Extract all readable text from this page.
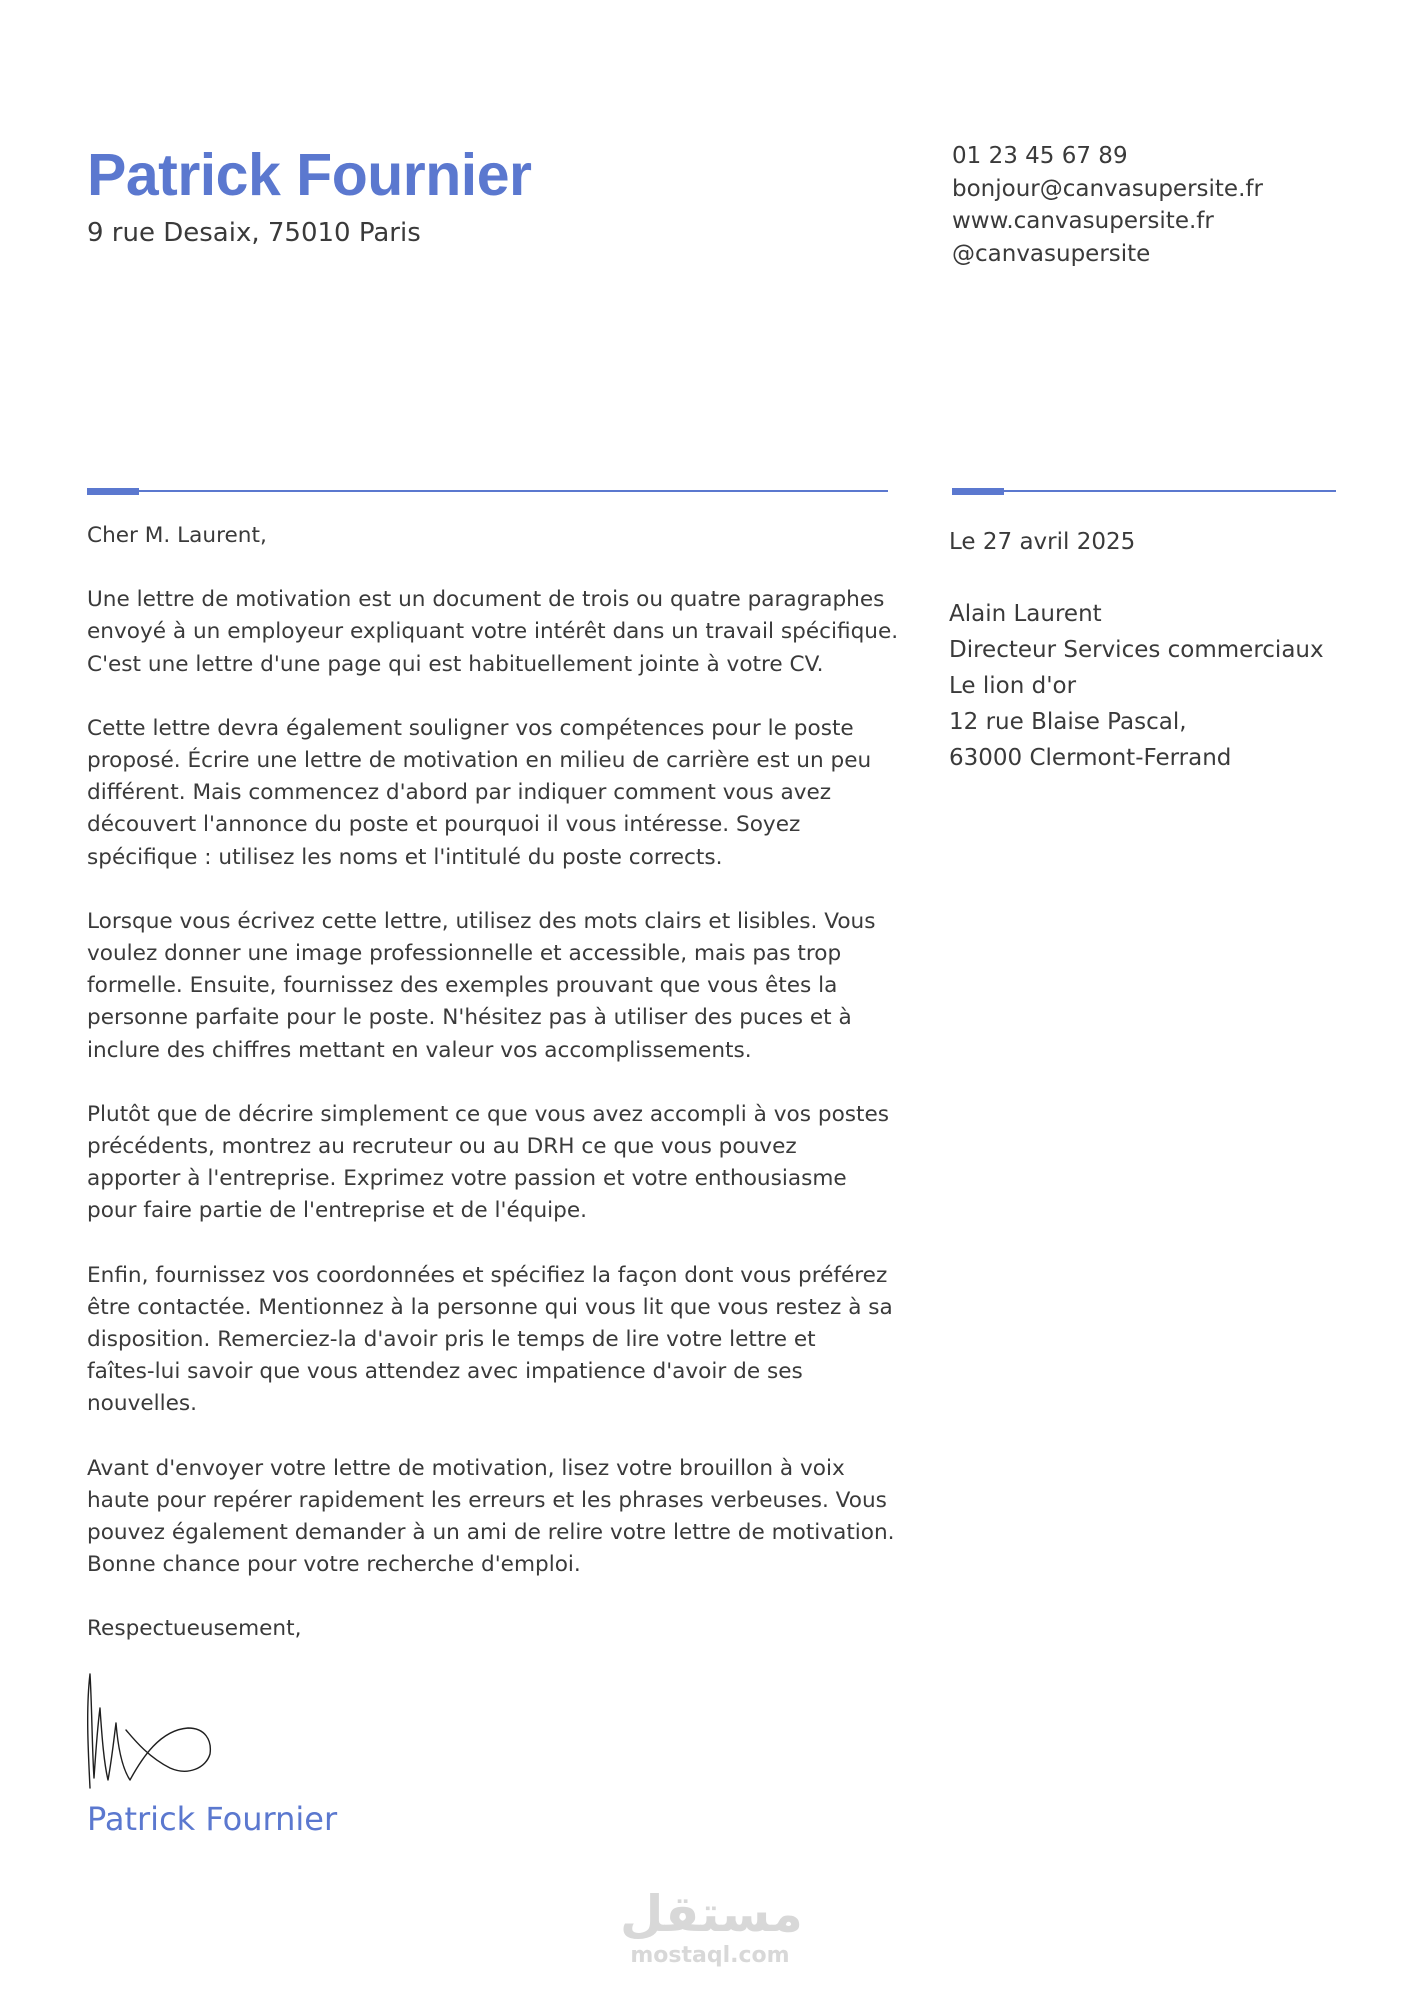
Patrick Fournier
9 rue Desaix, 75010 Paris
01 23 45 67 89
bonjour@canvasupersite.fr
www.canvasupersite.fr
@canvasupersite

Cher M. Laurent,

Une lettre de motivation est un document de trois ou quatre paragraphes
envoyé à un employeur expliquant votre intérêt dans un travail spécifique.
C'est une lettre d'une page qui est habituellement jointe à votre CV.

Cette lettre devra également souligner vos compétences pour le poste
proposé. Écrire une lettre de motivation en milieu de carrière est un peu
différent. Mais commencez d'abord par indiquer comment vous avez
découvert l'annonce du poste et pourquoi il vous intéresse. Soyez
spécifique : utilisez les noms et l'intitulé du poste corrects.

Lorsque vous écrivez cette lettre, utilisez des mots clairs et lisibles. Vous
voulez donner une image professionnelle et accessible, mais pas trop
formelle. Ensuite, fournissez des exemples prouvant que vous êtes la
personne parfaite pour le poste. N'hésitez pas à utiliser des puces et à
inclure des chiffres mettant en valeur vos accomplissements.

Plutôt que de décrire simplement ce que vous avez accompli à vos postes
précédents, montrez au recruteur ou au DRH ce que vous pouvez
apporter à l'entreprise. Exprimez votre passion et votre enthousiasme
pour faire partie de l'entreprise et de l'équipe.

Enfin, fournissez vos coordonnées et spécifiez la façon dont vous préférez
être contactée. Mentionnez à la personne qui vous lit que vous restez à sa
disposition. Remerciez-la d'avoir pris le temps de lire votre lettre et
faîtes-lui savoir que vous attendez avec impatience d'avoir de ses
nouvelles.

Avant d'envoyer votre lettre de motivation, lisez votre brouillon à voix
haute pour repérer rapidement les erreurs et les phrases verbeuses. Vous
pouvez également demander à un ami de relire votre lettre de motivation.
Bonne chance pour votre recherche d'emploi.

Respectueusement,

Le 27 avril 2025
Alain Laurent
Directeur Services commerciaux
Le lion d'or
12 rue Blaise Pascal,
63000 Clermont-Ferrand
Patrick Fournier
مستقل
mostaql.com
